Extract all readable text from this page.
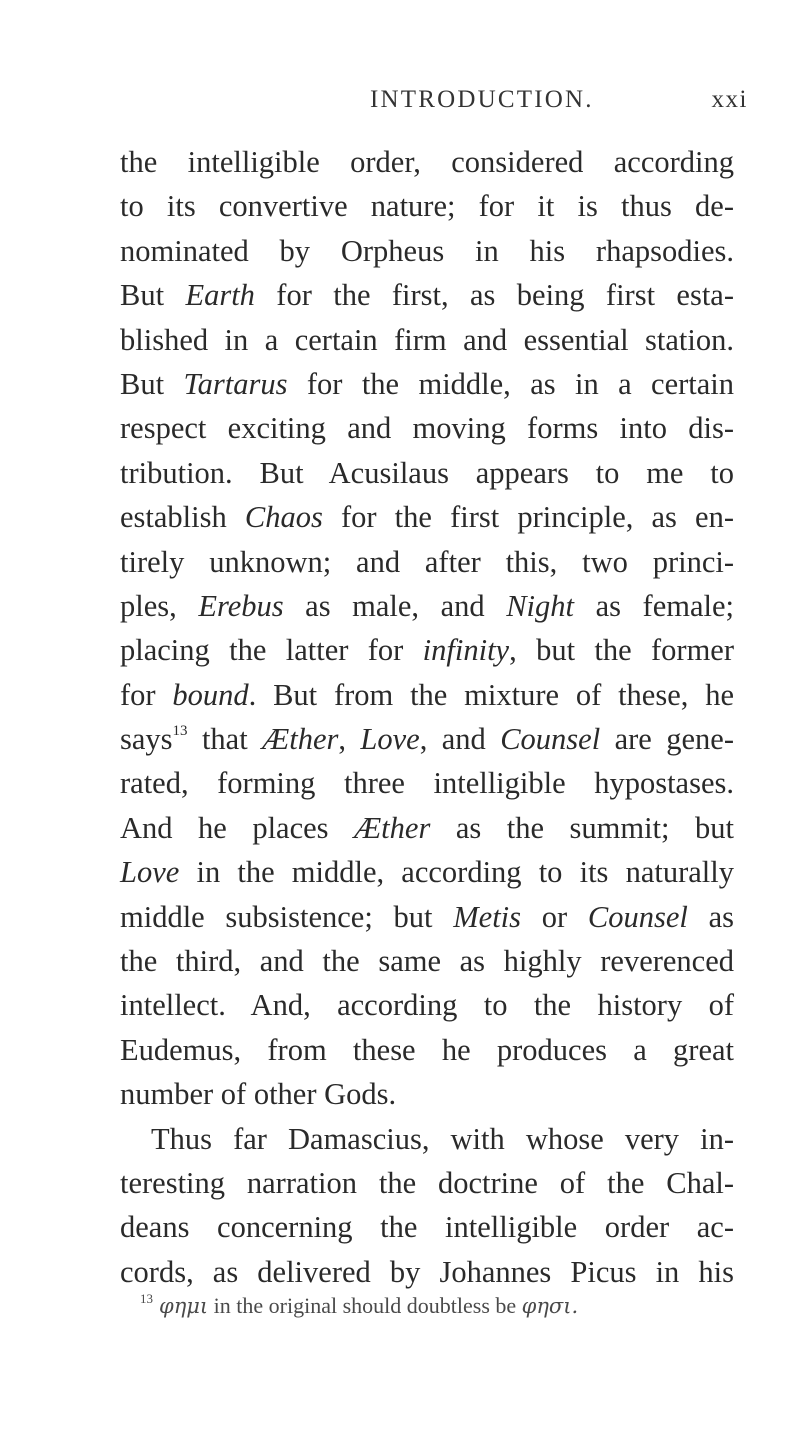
INTRODUCTION.	xxi
the intelligible order, considered according
to its convertive nature; for it is thus de-
nominated by Orpheus in his rhapsodies.
But Earth for the first, as being first esta-
blished in a certain firm and essential station.
But Tartarus for the middle, as in a certain
respect exciting and moving forms into dis-
tribution. But Acusilaus appears to me to
establish Chaos for the first principle, as en-
tirely unknown; and after this, two princi-
ples, Erebus as male, and Night as female;
placing the latter for infinity, but the former
for bound. But from the mixture of these, he
says$^{13}$ that Æther, Love, and Counsel are gene-
rated, forming three intelligible hypostases.
And he places Æther as the summit; but
Love in the middle, according to its naturally
middle subsistence; but Metis or Counsel as
the third, and the same as highly reverenced
intellect. And, according to the history of
Eudemus, from these he produces a great
number of other Gods.
Thus far Damascius, with whose very in-
teresting narration the doctrine of the Chal-
deans concerning the intelligible order ac-
cords, as delivered by Johannes Picus in his
$^{13}$ φημι in the original should doubtless be φησι.
